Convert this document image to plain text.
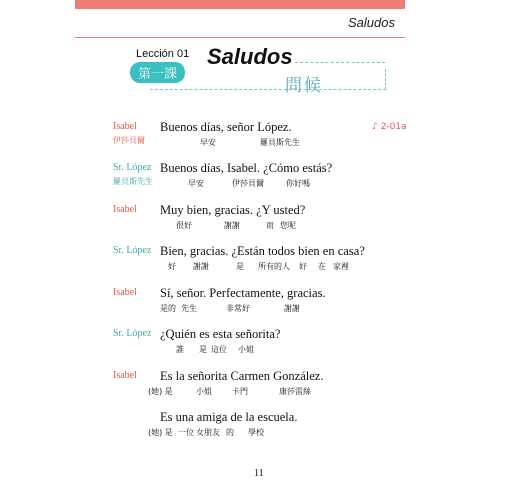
Saludos
Lección 01
第一課
Saludos
問候
♪ 2-01a
Isabel
伊莎貝爾
Buenos días, señor López.
早安	羅貝斯先生
Sr. López
羅貝斯先生
Buenos días, Isabel. ¿Cómo estás?
早安	伊莎貝爾	你好嗎
Isabel Muy bien, gracias. ¿Y usted?
很好	謝謝	而 您呢
Sr. López Bien, gracias. ¿Están todos bien en casa?
好 謝謝	是 所有的人 好 在 家裡
Isabel Sí, señor. Perfectamente, gracias.
是的 先生	非常好	謝謝
Sr. López ¿Quién es esta señorita?
誰 是 這位 小姐
Isabel Es la señorita Carmen González.
(她) 是	小姐	卡門	康莎雷絲
Es una amiga de la escuela.
(她) 是 一位 女朋友 的 學校
11
